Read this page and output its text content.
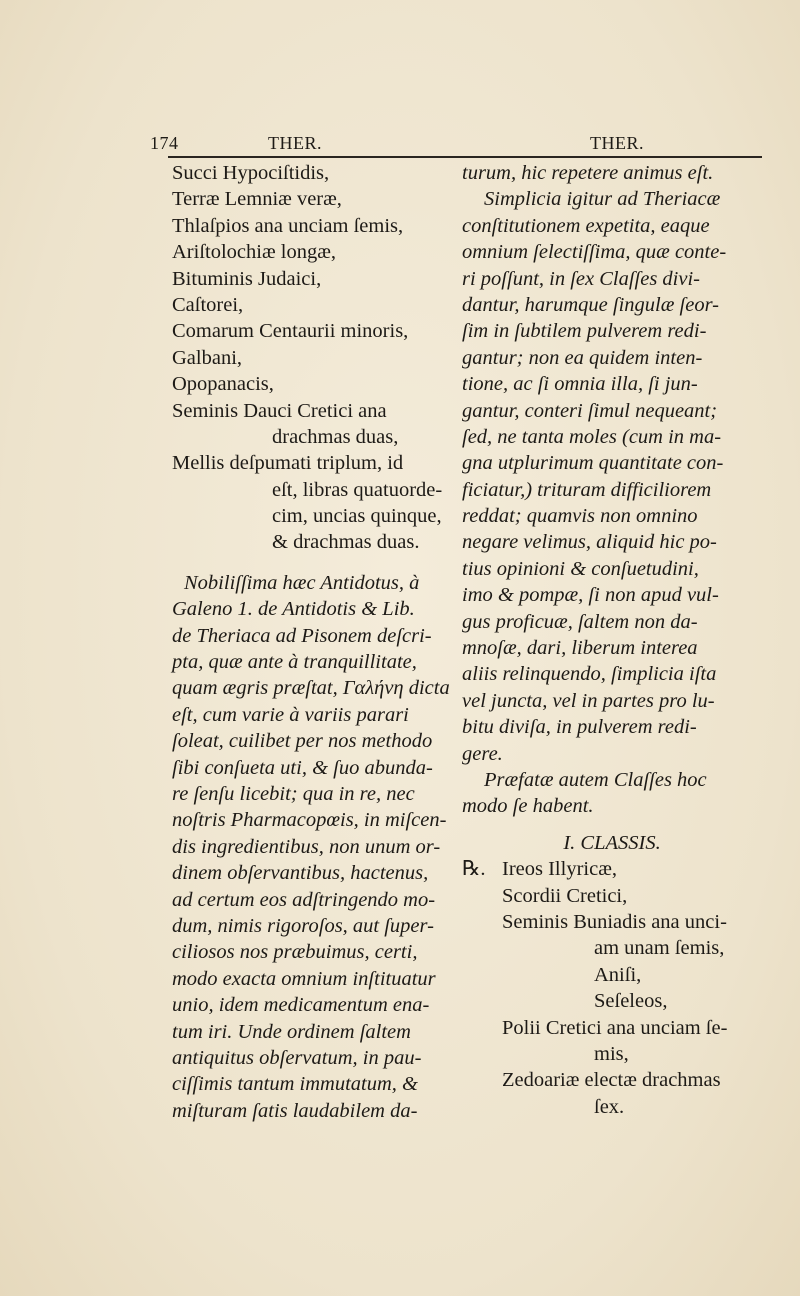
174	THER.	THER.
Succi Hypociſtidis,
Terræ Lemniæ veræ,
Thlaſpios ana unciam ſemis,
Ariſtolochiæ longæ,
Bituminis Judaici,
Caſtorei,
Comarum Centaurii minoris,
Galbani,
Opopanacis,
Seminis Dauci Cretici ana
drachmas duas,
Mellis deſpumati triplum, id
eſt, libras quatuorde-
cim, uncias quinque,
& drachmas duas.
Nobiliſſima hæc Antidotus, à
Galeno 1. de Antidotis & Lib.
de Theriaca ad Pisonem deſcri-
pta, quæ ante à tranquillitate,
quam ægris præſtat, Γαλήνη dicta
eſt, cum varie à variis parari
ſoleat, cuilibet per nos methodo
ſibi conſueta uti, & ſuo abunda-
re ſenſu licebit; qua in re, nec
noſtris Pharmacopœis, in miſcen-
dis ingredientibus, non unum or-
dinem obſervantibus, hactenus,
ad certum eos adſtringendo mo-
dum, nimis rigoroſos, aut ſuper-
ciliosos nos præbuimus, certi,
modo exacta omnium inſtituatur
unio, idem medicamentum ena-
tum iri. Unde ordinem ſaltem
antiquitus obſervatum, in pau-
ciſſimis tantum immutatum, &
miſturam ſatis laudabilem da-
turum, hic repetere animus eſt.
Simplicia igitur ad Theriacæ
conſtitutionem expetita, eaque
omnium ſelectiſſima, quæ conte-
ri poſſunt, in ſex Claſſes divi-
dantur, harumque ſingulæ ſeor-
ſim in ſubtilem pulverem redi-
gantur; non ea quidem inten-
tione, ac ſi omnia illa, ſi jun-
gantur, conteri ſimul nequeant;
ſed, ne tanta moles (cum in ma-
gna utplurimum quantitate con-
ficiatur,) trituram difficiliorem
reddat; quamvis non omnino
negare velimus, aliquid hic po-
tius opinioni & conſuetudini,
imo & pompæ, ſi non apud vul-
gus proficuæ, ſaltem non da-
mnoſæ, dari, liberum interea
aliis relinquendo, ſimplicia iſta
vel juncta, vel in partes pro lu-
bitu diviſa, in pulverem redi-
gere.
Præfatæ autem Claſſes hoc
modo ſe habent.
I. CLASSIS.
℞. Ireos Illyricæ,
Scordii Cretici,
Seminis Buniadis ana unci-
am unam ſemis,
Aniſi,
Seſeleos,
Polii Cretici ana unciam ſe-
mis,
Zedoariæ electæ drachmas
ſex.
